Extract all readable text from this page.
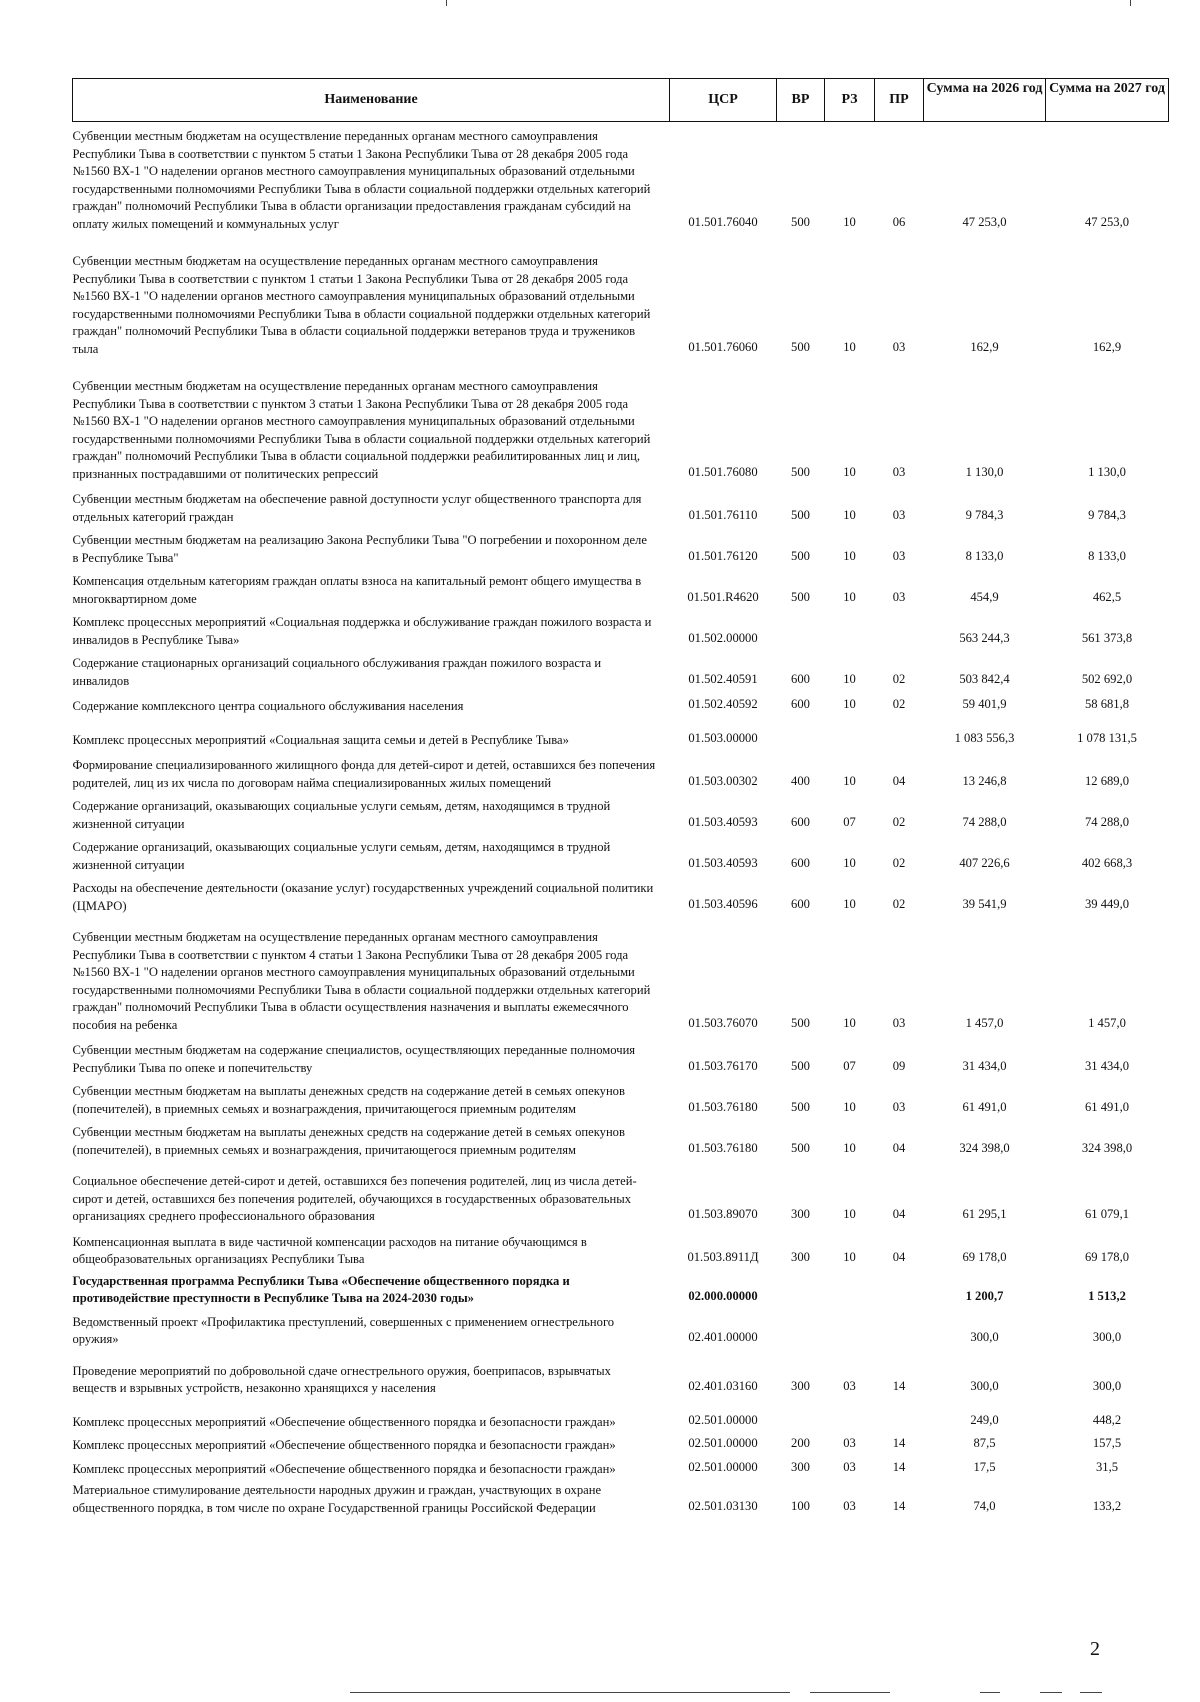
Наименование	ЦСР	ВР	РЗ	ПР	Сумма на 2026 год	Сумма на 2027 год
Субвенции местным бюджетам на осуществление переданных органам местного самоуправления Республики Тыва в соответствии с пунктом 5 статьи 1 Закона Республики Тыва от 28 декабря 2005 года №1560 ВХ-1 "О наделении органов местного самоуправления муниципальных образований отдельными государственными полномочиями Республики Тыва в области социальной поддержки отдельных категорий граждан" полномочий Республики Тыва в области организации предоставления гражданам субсидий на оплату жилых помещений и коммунальных услуг	01.501.76040	500	10	06	47 253,0	47 253,0
Субвенции местным бюджетам на осуществление переданных органам местного самоуправления Республики Тыва в соответствии с пунктом 1 статьи 1 Закона Республики Тыва от 28 декабря 2005 года №1560 ВХ-1 "О наделении органов местного самоуправления муниципальных образований отдельными государственными полномочиями Республики Тыва в области социальной поддержки отдельных категорий граждан" полномочий Республики Тыва в области социальной поддержки ветеранов труда и тружеников тыла	01.501.76060	500	10	03	162,9	162,9
Субвенции местным бюджетам на осуществление переданных органам местного самоуправления Республики Тыва в соответствии с пунктом 3 статьи 1 Закона Республики Тыва от 28 декабря 2005 года №1560 ВХ-1 "О наделении органов местного самоуправления муниципальных образований отдельными государственными полномочиями Республики Тыва в области социальной поддержки отдельных категорий граждан" полномочий Республики Тыва в области социальной поддержки реабилитированных лиц и лиц, признанных пострадавшими от политических репрессий	01.501.76080	500	10	03	1 130,0	1 130,0
Субвенции местным бюджетам на обеспечение равной доступности услуг общественного транспорта для отдельных категорий граждан	01.501.76110	500	10	03	9 784,3	9 784,3
Субвенции местным бюджетам на реализацию Закона Республики Тыва "О погребении и похоронном деле в Республике Тыва"	01.501.76120	500	10	03	8 133,0	8 133,0
Компенсация отдельным категориям граждан оплаты взноса на капитальный ремонт общего имущества в многоквартирном доме	01.501.R4620	500	10	03	454,9	462,5
Комплекс процессных мероприятий «Социальная поддержка и обслуживание граждан пожилого возраста и инвалидов в Республике Тыва»	01.502.00000				563 244,3	561 373,8
Содержание стационарных организаций социального обслуживания граждан пожилого возраста и инвалидов	01.502.40591	600	10	02	503 842,4	502 692,0
Содержание комплексного центра социального обслуживания населения	01.502.40592	600	10	02	59 401,9	58 681,8
Комплекс процессных мероприятий «Социальная защита семьи и детей в Республике Тыва»	01.503.00000				1 083 556,3	1 078 131,5
Формирование специализированного жилищного фонда для детей-сирот и детей, оставшихся без попечения родителей, лиц из их числа по договорам найма специализированных жилых помещений	01.503.00302	400	10	04	13 246,8	12 689,0
Содержание организаций, оказывающих социальные услуги семьям, детям, находящимся в трудной жизненной ситуации	01.503.40593	600	07	02	74 288,0	74 288,0
Содержание организаций, оказывающих социальные услуги семьям, детям, находящимся в трудной жизненной ситуации	01.503.40593	600	10	02	407 226,6	402 668,3
Расходы на обеспечение деятельности (оказание услуг) государственных учреждений социальной политики (ЦМАРО)	01.503.40596	600	10	02	39 541,9	39 449,0
Субвенции местным бюджетам на осуществление переданных органам местного самоуправления Республики Тыва в соответствии с пунктом 4 статьи 1 Закона Республики Тыва от 28 декабря 2005 года №1560 ВХ-1 "О наделении органов местного самоуправления муниципальных образований отдельными государственными полномочиями Республики Тыва в области социальной поддержки отдельных категорий граждан" полномочий Республики Тыва в области осуществления назначения и выплаты ежемесячного пособия на ребенка	01.503.76070	500	10	03	1 457,0	1 457,0
Субвенции местным бюджетам на содержание специалистов, осуществляющих переданные полномочия Республики Тыва по опеке и попечительству	01.503.76170	500	07	09	31 434,0	31 434,0
Субвенции местным бюджетам на выплаты денежных средств на содержание детей в семьях опекунов (попечителей), в приемных семьях и вознаграждения, причитающегося приемным родителям	01.503.76180	500	10	03	61 491,0	61 491,0
Субвенции местным бюджетам на выплаты денежных средств на содержание детей в семьях опекунов (попечителей), в приемных семьях и вознаграждения, причитающегося приемным родителям	01.503.76180	500	10	04	324 398,0	324 398,0
Социальное обеспечение детей-сирот и детей, оставшихся без попечения родителей, лиц из числа детей-сирот и детей, оставшихся без попечения родителей, обучающихся в государственных образовательных организациях среднего профессионального образования	01.503.89070	300	10	04	61 295,1	61 079,1
Компенсационная выплата в виде частичной компенсации расходов на питание обучающимся в общеобразовательных организациях Республики Тыва	01.503.8911Д	300	10	04	69 178,0	69 178,0
Государственная программа Республики Тыва «Обеспечение общественного порядка и противодействие преступности в Республике Тыва на 2024-2030 годы»	02.000.00000				1 200,7	1 513,2
Ведомственный проект «Профилактика преступлений, совершенных с применением огнестрельного оружия»	02.401.00000				300,0	300,0
Проведение мероприятий по добровольной сдаче огнестрельного оружия, боеприпасов, взрывчатых веществ и взрывных устройств, незаконно хранящихся у населения	02.401.03160	300	03	14	300,0	300,0
Комплекс процессных мероприятий «Обеспечение общественного порядка и безопасности граждан»	02.501.00000				249,0	448,2
Комплекс процессных мероприятий «Обеспечение общественного порядка и безопасности граждан»	02.501.00000	200	03	14	87,5	157,5
Комплекс процессных мероприятий «Обеспечение общественного порядка и безопасности граждан»	02.501.00000	300	03	14	17,5	31,5
Материальное стимулирование деятельности народных дружин и граждан, участвующих в охране общественного порядка, в том числе по охране Государственной границы Российской Федерации	02.501.03130	100	03	14	74,0	133,2
2
